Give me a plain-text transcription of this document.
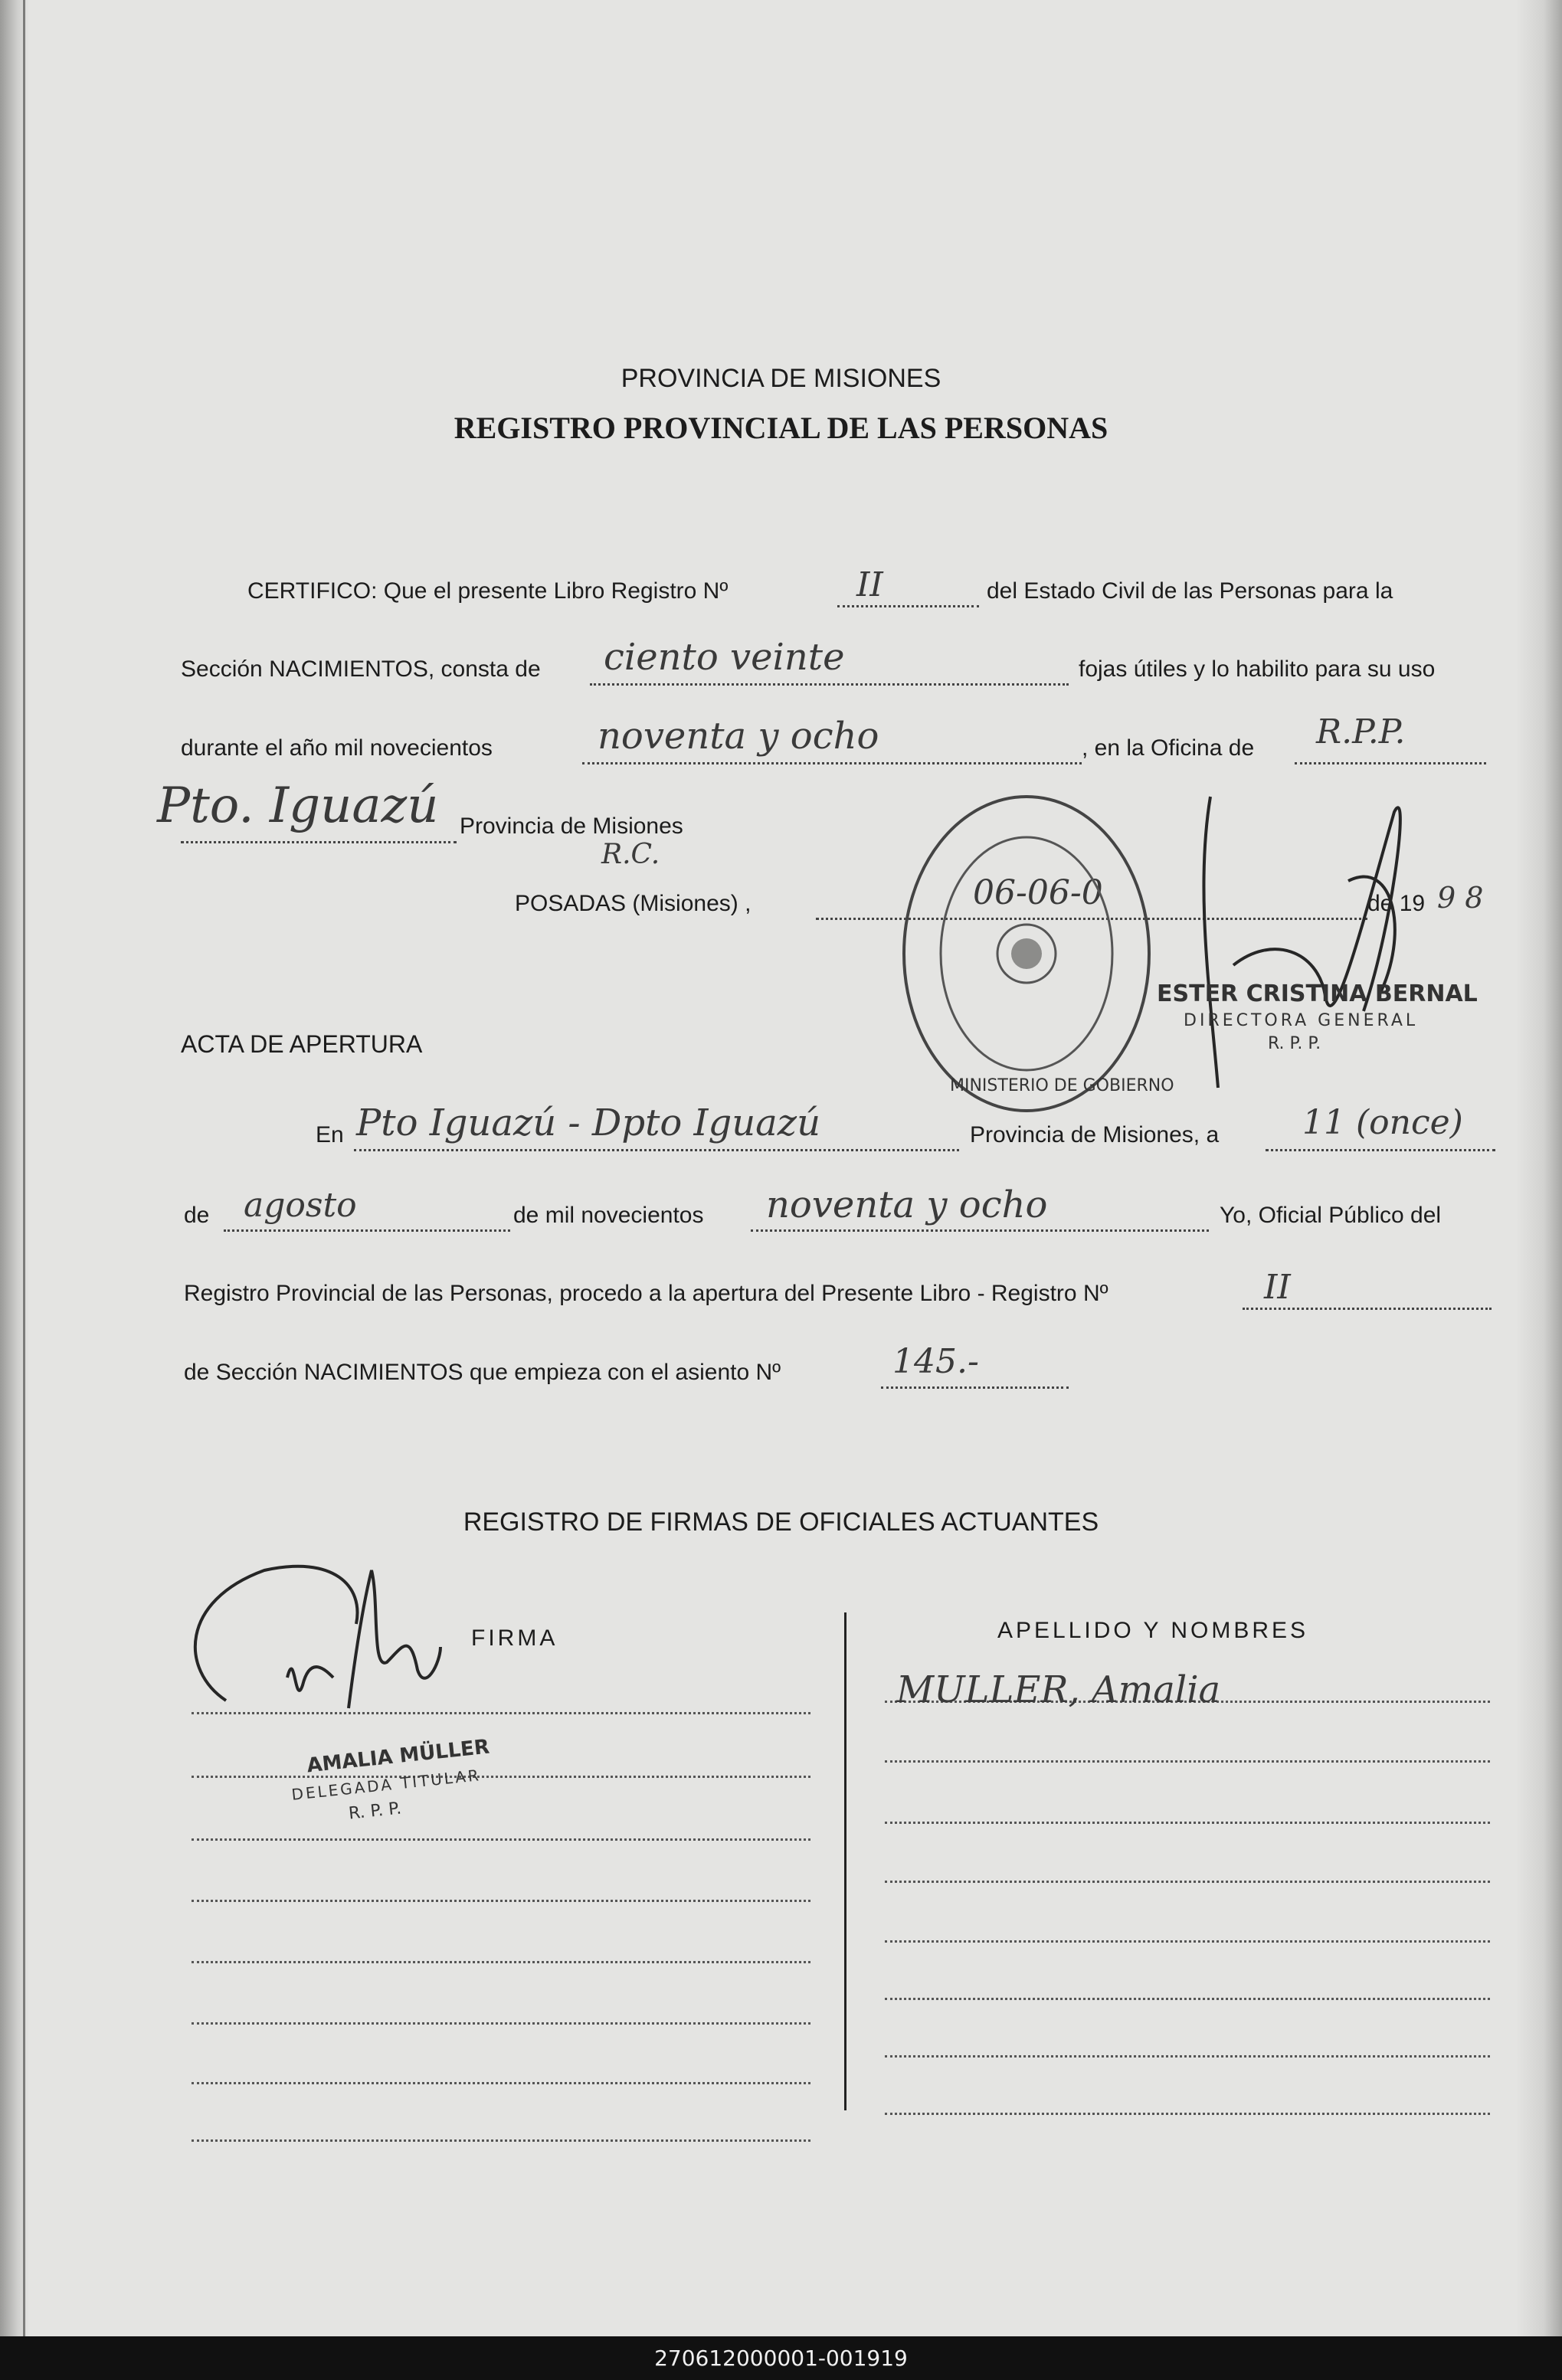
PROVINCIA DE MISIONES
REGISTRO PROVINCIAL DE LAS PERSONAS
CERTIFICO: Que el presente Libro Registro Nº	II	del Estado Civil de las Personas para la
Sección NACIMIENTOS, consta de ciento veinte	fojas útiles y lo habilito para su uso
durante el año mil novecientos	noventa y ocho	, en la Oficina de R.P.P.
Pto. Iguazú Provincia de Misiones
R.C.
POSADAS (Misiones) ,	06-06-0	de 19 9 8
ACTA DE APERTURA
En Pto Iguazú - Dpto Iguazú	Provincia de Misiones, a 11 (once)
de agosto	de mil novecientos noventa y ocho	Yo, Oficial Público del
Registro Provincial de las Personas, procedo a la apertura del Presente Libro - Registro Nº	II
de Sección NACIMIENTOS que empieza con el asiento Nº	145.-
MINISTERIO DE GOBIERNO
ESTER CRISTINA BERNAL
DIRECTORA GENERAL
R. P. P.
REGISTRO DE FIRMAS DE OFICIALES ACTUANTES
FIRMA	APELLIDO Y NOMBRES
MULLER, Amalia
AMALIA MÜLLER
DELEGADA TITULAR
R. P. P.
270612000001-001919
